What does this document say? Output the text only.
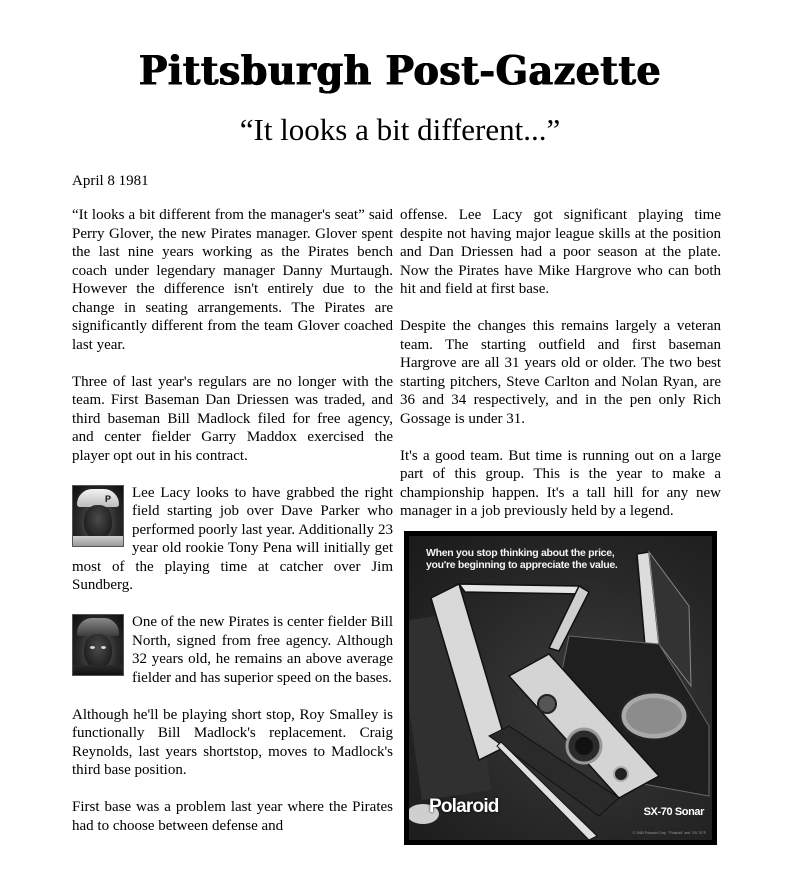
Pittsburgh Post-Gazette
“It looks a bit different...”
April 8 1981

“It looks a bit different from the manager's seat” said Perry Glover, the new Pirates manager. Glover spent the last nine years working as the Pirates bench coach under legendary manager Danny Murtaugh. However the difference isn't entirely due to the change in seating arrangements. The Pirates are significantly different from the team Glover coached last year.

Three of last year's regulars are no longer with the team. First Baseman Dan Driessen was traded, and third baseman Bill Madlock filed for free agency, and center fielder Garry Maddox exercised the player opt out in his contract.

P Lee Lacy looks to have grabbed the right field starting job over Dave Parker who performed poorly last year. Additionally 23 year old rookie Tony Pena will initially get most of the playing time at catcher over Jim Sundberg.

One of the new Pirates is center fielder Bill North, signed from free agency. Although 32 years old, he remains an above average fielder and has superior speed on the bases.

Although he'll be playing short stop, Roy Smalley is functionally Bill Madlock's replacement. Craig Reynolds, last years shortstop, moves to Madlock's third base position.

First base was a problem last year where the Pirates had to choose between defense and

offense. Lee Lacy got significant playing time despite not having major league skills at the position and Dan Driessen had a poor season at the plate. Now the Pirates have Mike Hargrove who can both hit and field at first base.

Despite the changes this remains largely a veteran team. The starting outfield and first baseman Hargrove are all 31 years old or older. The two best starting pitchers, Steve Carlton and Nolan Ryan, are 36 and 34 respectively, and in the pen only Rich Gossage is under 31.

It's a good team. But time is running out on a large part of this group. This is the year to make a championship happen. It's a tall hill for any new manager in a job previously held by a legend.

When you stop thinking about the price,
you're beginning to appreciate the value.
Polaroid	SX-70 Sonar
© 1980 Polaroid Corp. "Polaroid" and "SX-70"®
